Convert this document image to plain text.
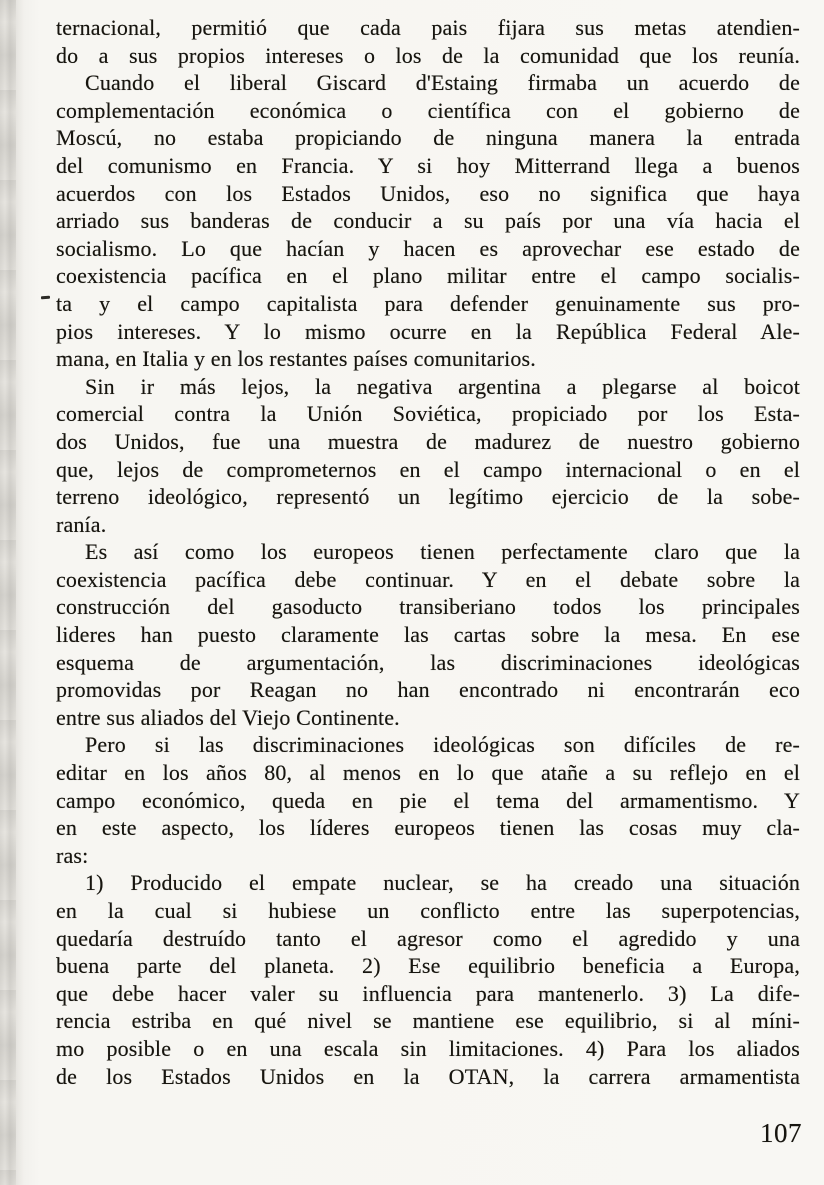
ternacional, permitió que cada pais fijara sus metas atendien-
do a sus propios intereses o los de la comunidad que los reunía.
Cuando el liberal Giscard d'Estaing firmaba un acuerdo de
complementación económica o científica con el gobierno de
Moscú, no estaba propiciando de ninguna manera la entrada
del comunismo en Francia. Y si hoy Mitterrand llega a buenos
acuerdos con los Estados Unidos, eso no significa que haya
arriado sus banderas de conducir a su país por una vía hacia el
socialismo. Lo que hacían y hacen es aprovechar ese estado de
coexistencia pacífica en el plano militar entre el campo socialis-
ta y el campo capitalista para defender genuinamente sus pro-
pios intereses. Y lo mismo ocurre en la República Federal Ale-
mana, en Italia y en los restantes países comunitarios.
Sin ir más lejos, la negativa argentina a plegarse al boicot
comercial contra la Unión Soviética, propiciado por los Esta-
dos Unidos, fue una muestra de madurez de nuestro gobierno
que, lejos de comprometernos en el campo internacional o en el
terreno ideológico, representó un legítimo ejercicio de la sobe-
ranía.
Es así como los europeos tienen perfectamente claro que la
coexistencia pacífica debe continuar. Y en el debate sobre la
construcción del gasoducto transiberiano todos los principales
lideres han puesto claramente las cartas sobre la mesa. En ese
esquema de argumentación, las discriminaciones ideológicas
promovidas por Reagan no han encontrado ni encontrarán eco
entre sus aliados del Viejo Continente.
Pero si las discriminaciones ideológicas son difíciles de re-
editar en los años 80, al menos en lo que atañe a su reflejo en el
campo económico, queda en pie el tema del armamentismo. Y
en este aspecto, los líderes europeos tienen las cosas muy cla-
ras:
1) Producido el empate nuclear, se ha creado una situación
en la cual si hubiese un conflicto entre las superpotencias,
quedaría destruído tanto el agresor como el agredido y una
buena parte del planeta. 2) Ese equilibrio beneficia a Europa,
que debe hacer valer su influencia para mantenerlo. 3) La dife-
rencia estriba en qué nivel se mantiene ese equilibrio, si al míni-
mo posible o en una escala sin limitaciones. 4) Para los aliados
de los Estados Unidos en la OTAN, la carrera armamentista
107
